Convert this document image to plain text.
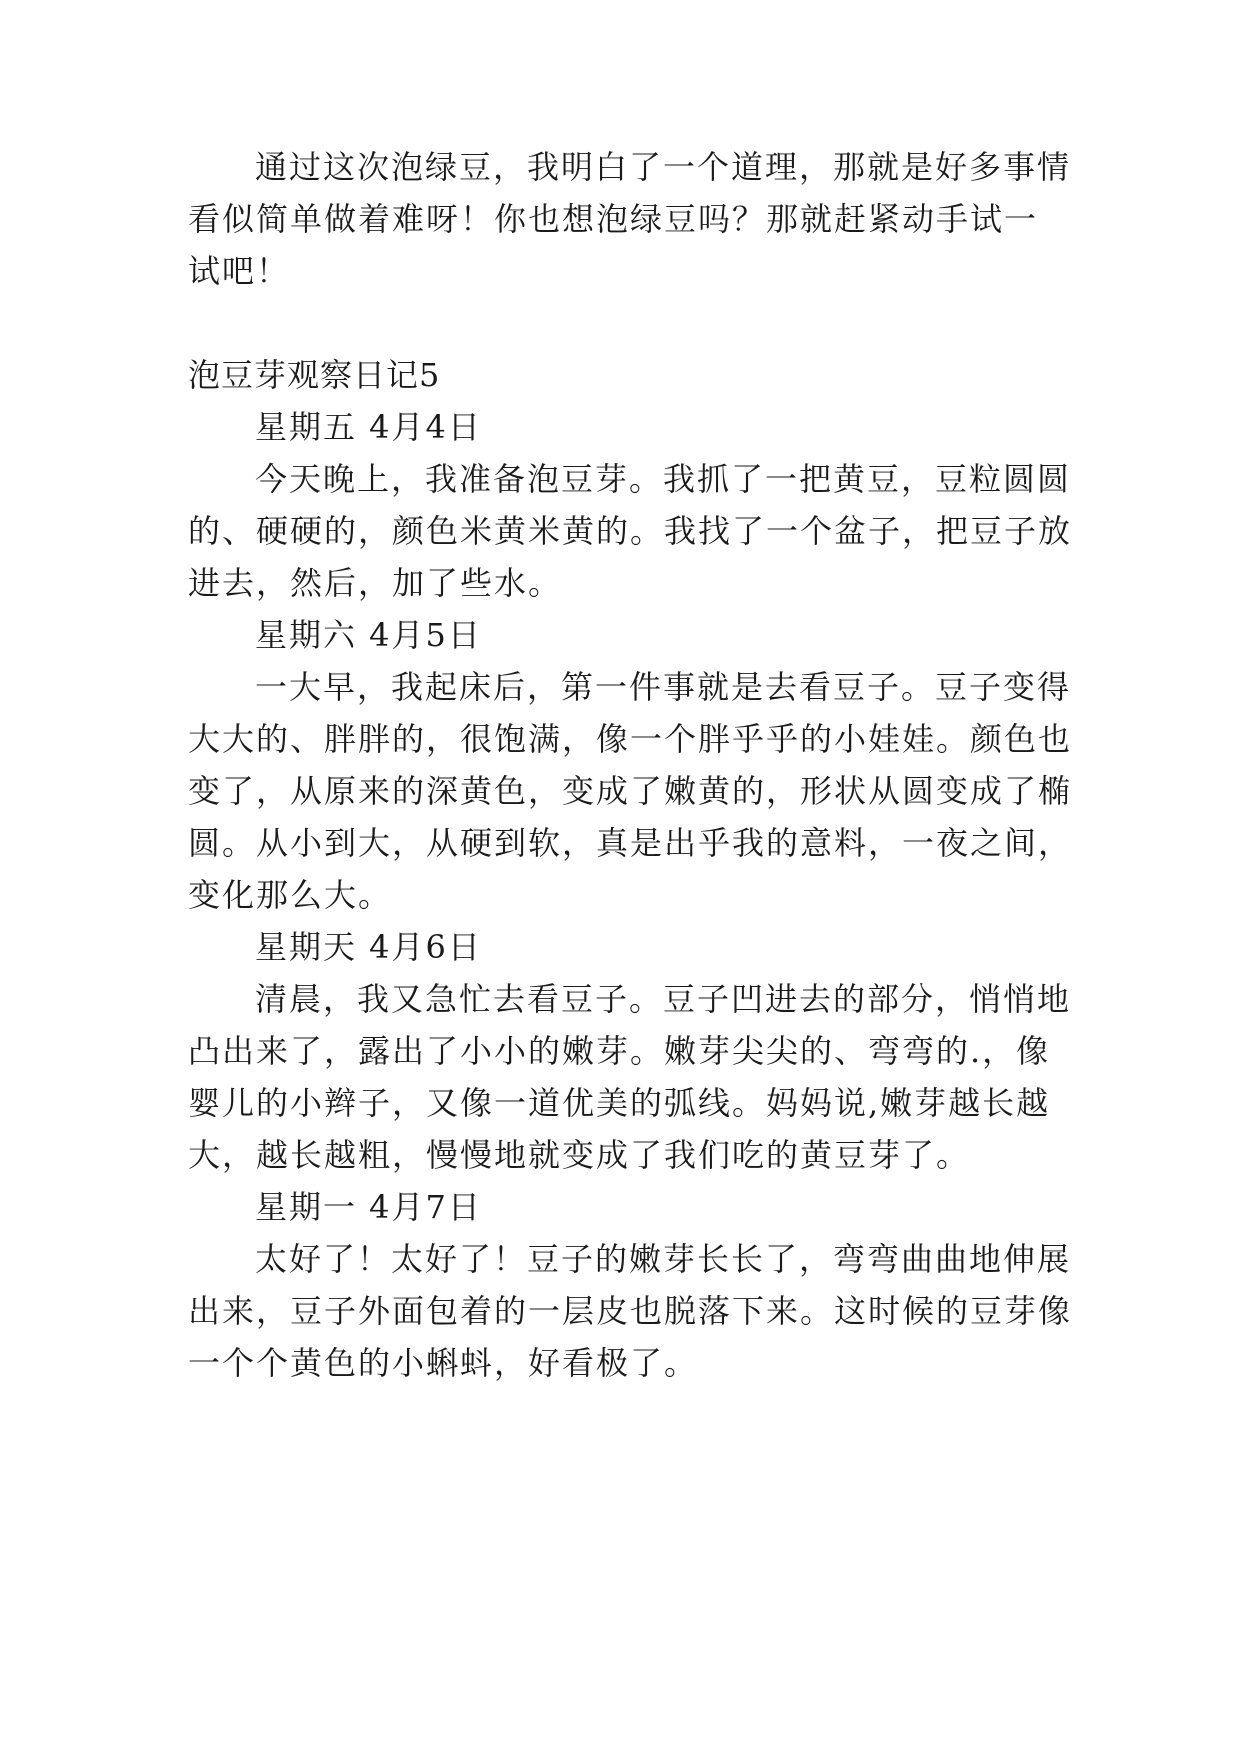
通过这次泡绿豆，我明白了一个道理，那就是好多事情
看似简单做着难呀！你也想泡绿豆吗？那就赶紧动手试一
试吧！
泡豆芽观察日记5
星期五 4月4日
今天晚上，我准备泡豆芽。我抓了一把黄豆，豆粒圆圆
的、硬硬的，颜色米黄米黄的。我找了一个盆子，把豆子放
进去，然后，加了些水。
星期六 4月5日
一大早，我起床后，第一件事就是去看豆子。豆子变得
大大的、胖胖的，很饱满，像一个胖乎乎的小娃娃。颜色也
变了，从原来的深黄色，变成了嫩黄的，形状从圆变成了椭
圆。从小到大，从硬到软，真是出乎我的意料，一夜之间，
变化那么大。
星期天 4月6日
清晨，我又急忙去看豆子。豆子凹进去的部分，悄悄地
凸出来了，露出了小小的嫩芽。嫩芽尖尖的、弯弯的.，像
婴儿的小辫子，又像一道优美的弧线。妈妈说,嫩芽越长越
大，越长越粗，慢慢地就变成了我们吃的黄豆芽了。
星期一 4月7日
太好了！太好了！豆子的嫩芽长长了，弯弯曲曲地伸展
出来，豆子外面包着的一层皮也脱落下来。这时候的豆芽像
一个个黄色的小蝌蚪，好看极了。
